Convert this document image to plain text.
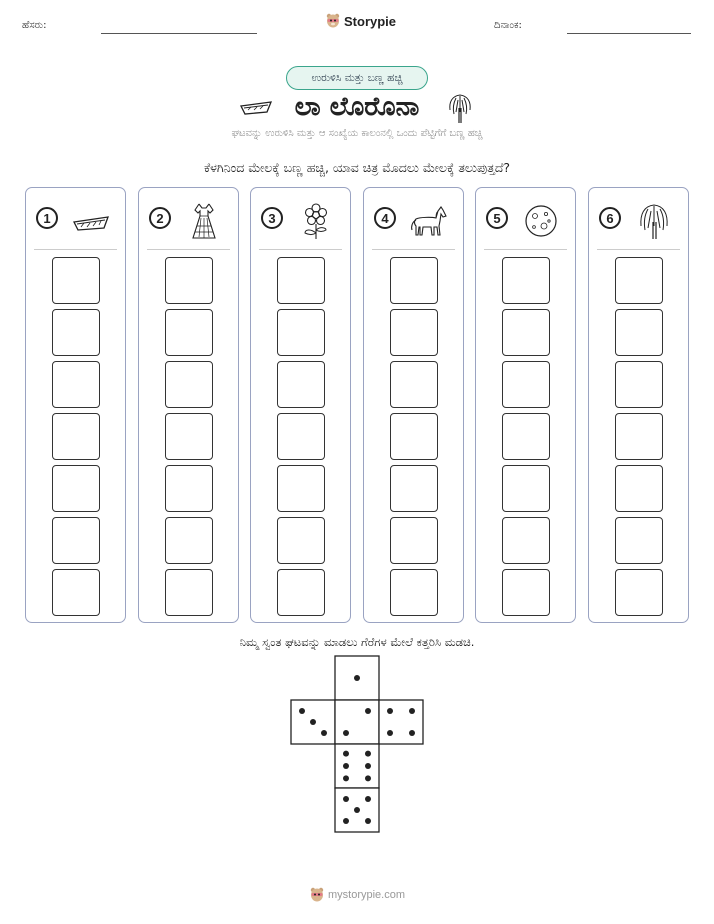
ಹೆಸರು:	Storypie	ದಿನಾಂಕ:
ಉರುಳಿಸಿ ಮತ್ತು ಬಣ್ಣ ಹಚ್ಚಿ
ಲಾ ಲೊರೊನಾ
ಘಟವನ್ನು ಉರುಳಿಸಿ ಮತ್ತು ಆ ಸಂಖ್ಯೆಯ ಕಾಲಂನಲ್ಲಿ ಒಂದು ಪೆಟ್ಟಿಗೆಗೆ ಬಣ್ಣ ಹಚ್ಚಿ
ಕೆಳಗಿನಿಂದ ಮೇಲಕ್ಕೆ ಬಣ್ಣ ಹಚ್ಚಿ, ಯಾವ ಚಿತ್ರ ಮೊದಲು ಮೇಲಕ್ಕೆ ತಲುಪುತ್ತದೆ?
1	2	3	4	5	6
ನಿಮ್ಮ ಸ್ವಂತ ಘಟವನ್ನು ಮಾಡಲು ಗೆರೆಗಳ ಮೇಲೆ ಕತ್ತರಿಸಿ ಮಡಚಿ.
mystorypie.com
